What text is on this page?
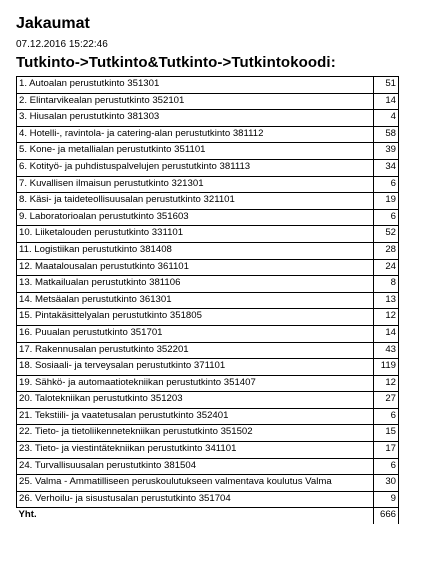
Jakaumat
07.12.2016 15:22:46
Tutkinto->Tutkinto&Tutkinto->Tutkintokoodi:
1. Autoalan perustutkinto 351301	51
2. Elintarvikealan perustutkinto 352101	14
3. Hiusalan perustutkinto 381303	4
4. Hotelli-, ravintola- ja catering-alan perustutkinto 381112	58
5. Kone- ja metallialan perustutkinto 351101	39
6. Kotityö- ja puhdistuspalvelujen perustutkinto 381113	34
7. Kuvallisen ilmaisun perustutkinto 321301	6
8. Käsi- ja taideteollisuusalan perustutkinto 321101	19
9. Laboratorioalan perustutkinto 351603	6
10. Liiketalouden perustutkinto 331101	52
11. Logistiikan perustutkinto 381408	28
12. Maatalousalan perustutkinto 361101	24
13. Matkailualan perustutkinto 381106	8
14. Metsäalan perustutkinto 361301	13
15. Pintakäsittelyalan perustutkinto 351805	12
16. Puualan perustutkinto 351701	14
17. Rakennusalan perustutkinto 352201	43
18. Sosiaali- ja terveysalan perustutkinto 371101	119
19. Sähkö- ja automaatiotekniikan perustutkinto 351407	12
20. Talotekniikan perustutkinto 351203	27
21. Tekstiili- ja vaatetusalan perustutkinto 352401	6
22. Tieto- ja tietoliikennetekniikan perustutkinto 351502	15
23. Tieto- ja viestintätekniikan perustutkinto 341101	17
24. Turvallisuusalan perustutkinto 381504	6
25. Valma - Ammatilliseen peruskoulutukseen valmentava koulutus Valma	30
26. Verhoilu- ja sisustusalan perustutkinto 351704	9
Yht.	666
